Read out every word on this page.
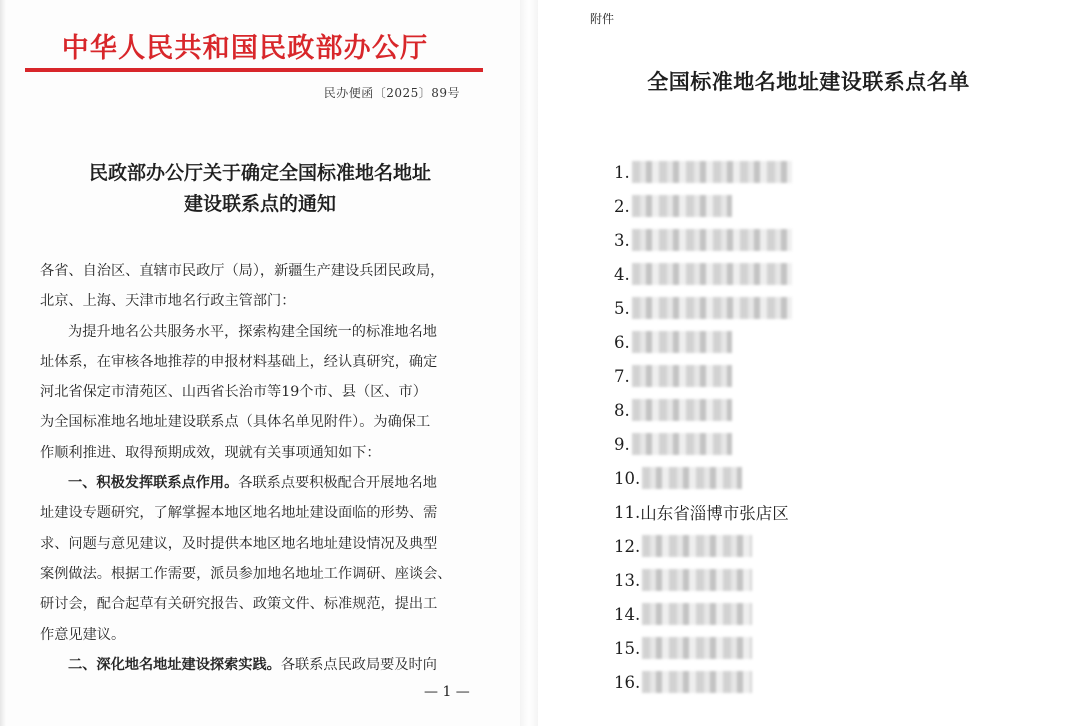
中华人民共和国民政部办公厅
民办便函〔2025〕89号
民政部办公厅关于确定全国标准地名地址
建设联系点的通知

各省、自治区、直辖市民政厅（局），新疆生产建设兵团民政局，

北京、上海、天津市地名行政主管部门：

为提升地名公共服务水平，探索构建全国统一的标准地名地

址体系，在审核各地推荐的申报材料基础上，经认真研究，确定

河北省保定市清苑区、山西省长治市等19个市、县（区、市）

为全国标准地名地址建设联系点（具体名单见附件）。为确保工

作顺利推进、取得预期成效，现就有关事项通知如下：

一、积极发挥联系点作用。各联系点要积极配合开展地名地

址建设专题研究，了解掌握本地区地名地址建设面临的形势、需

求、问题与意见建议，及时提供本地区地名地址建设情况及典型

案例做法。根据工作需要，派员参加地名地址工作调研、座谈会、

研讨会，配合起草有关研究报告、政策文件、标准规范，提出工

作意见建议。

二、深化地名地址建设探索实践。各联系点民政局要及时向

— 1 —
附件
全国标准地名地址建设联系点名单
1.
2.
3.
4.
5.
6.
7.
8.
9.
10.
11. 山东省淄博市张店区
12.
13.
14.
15.
16.
